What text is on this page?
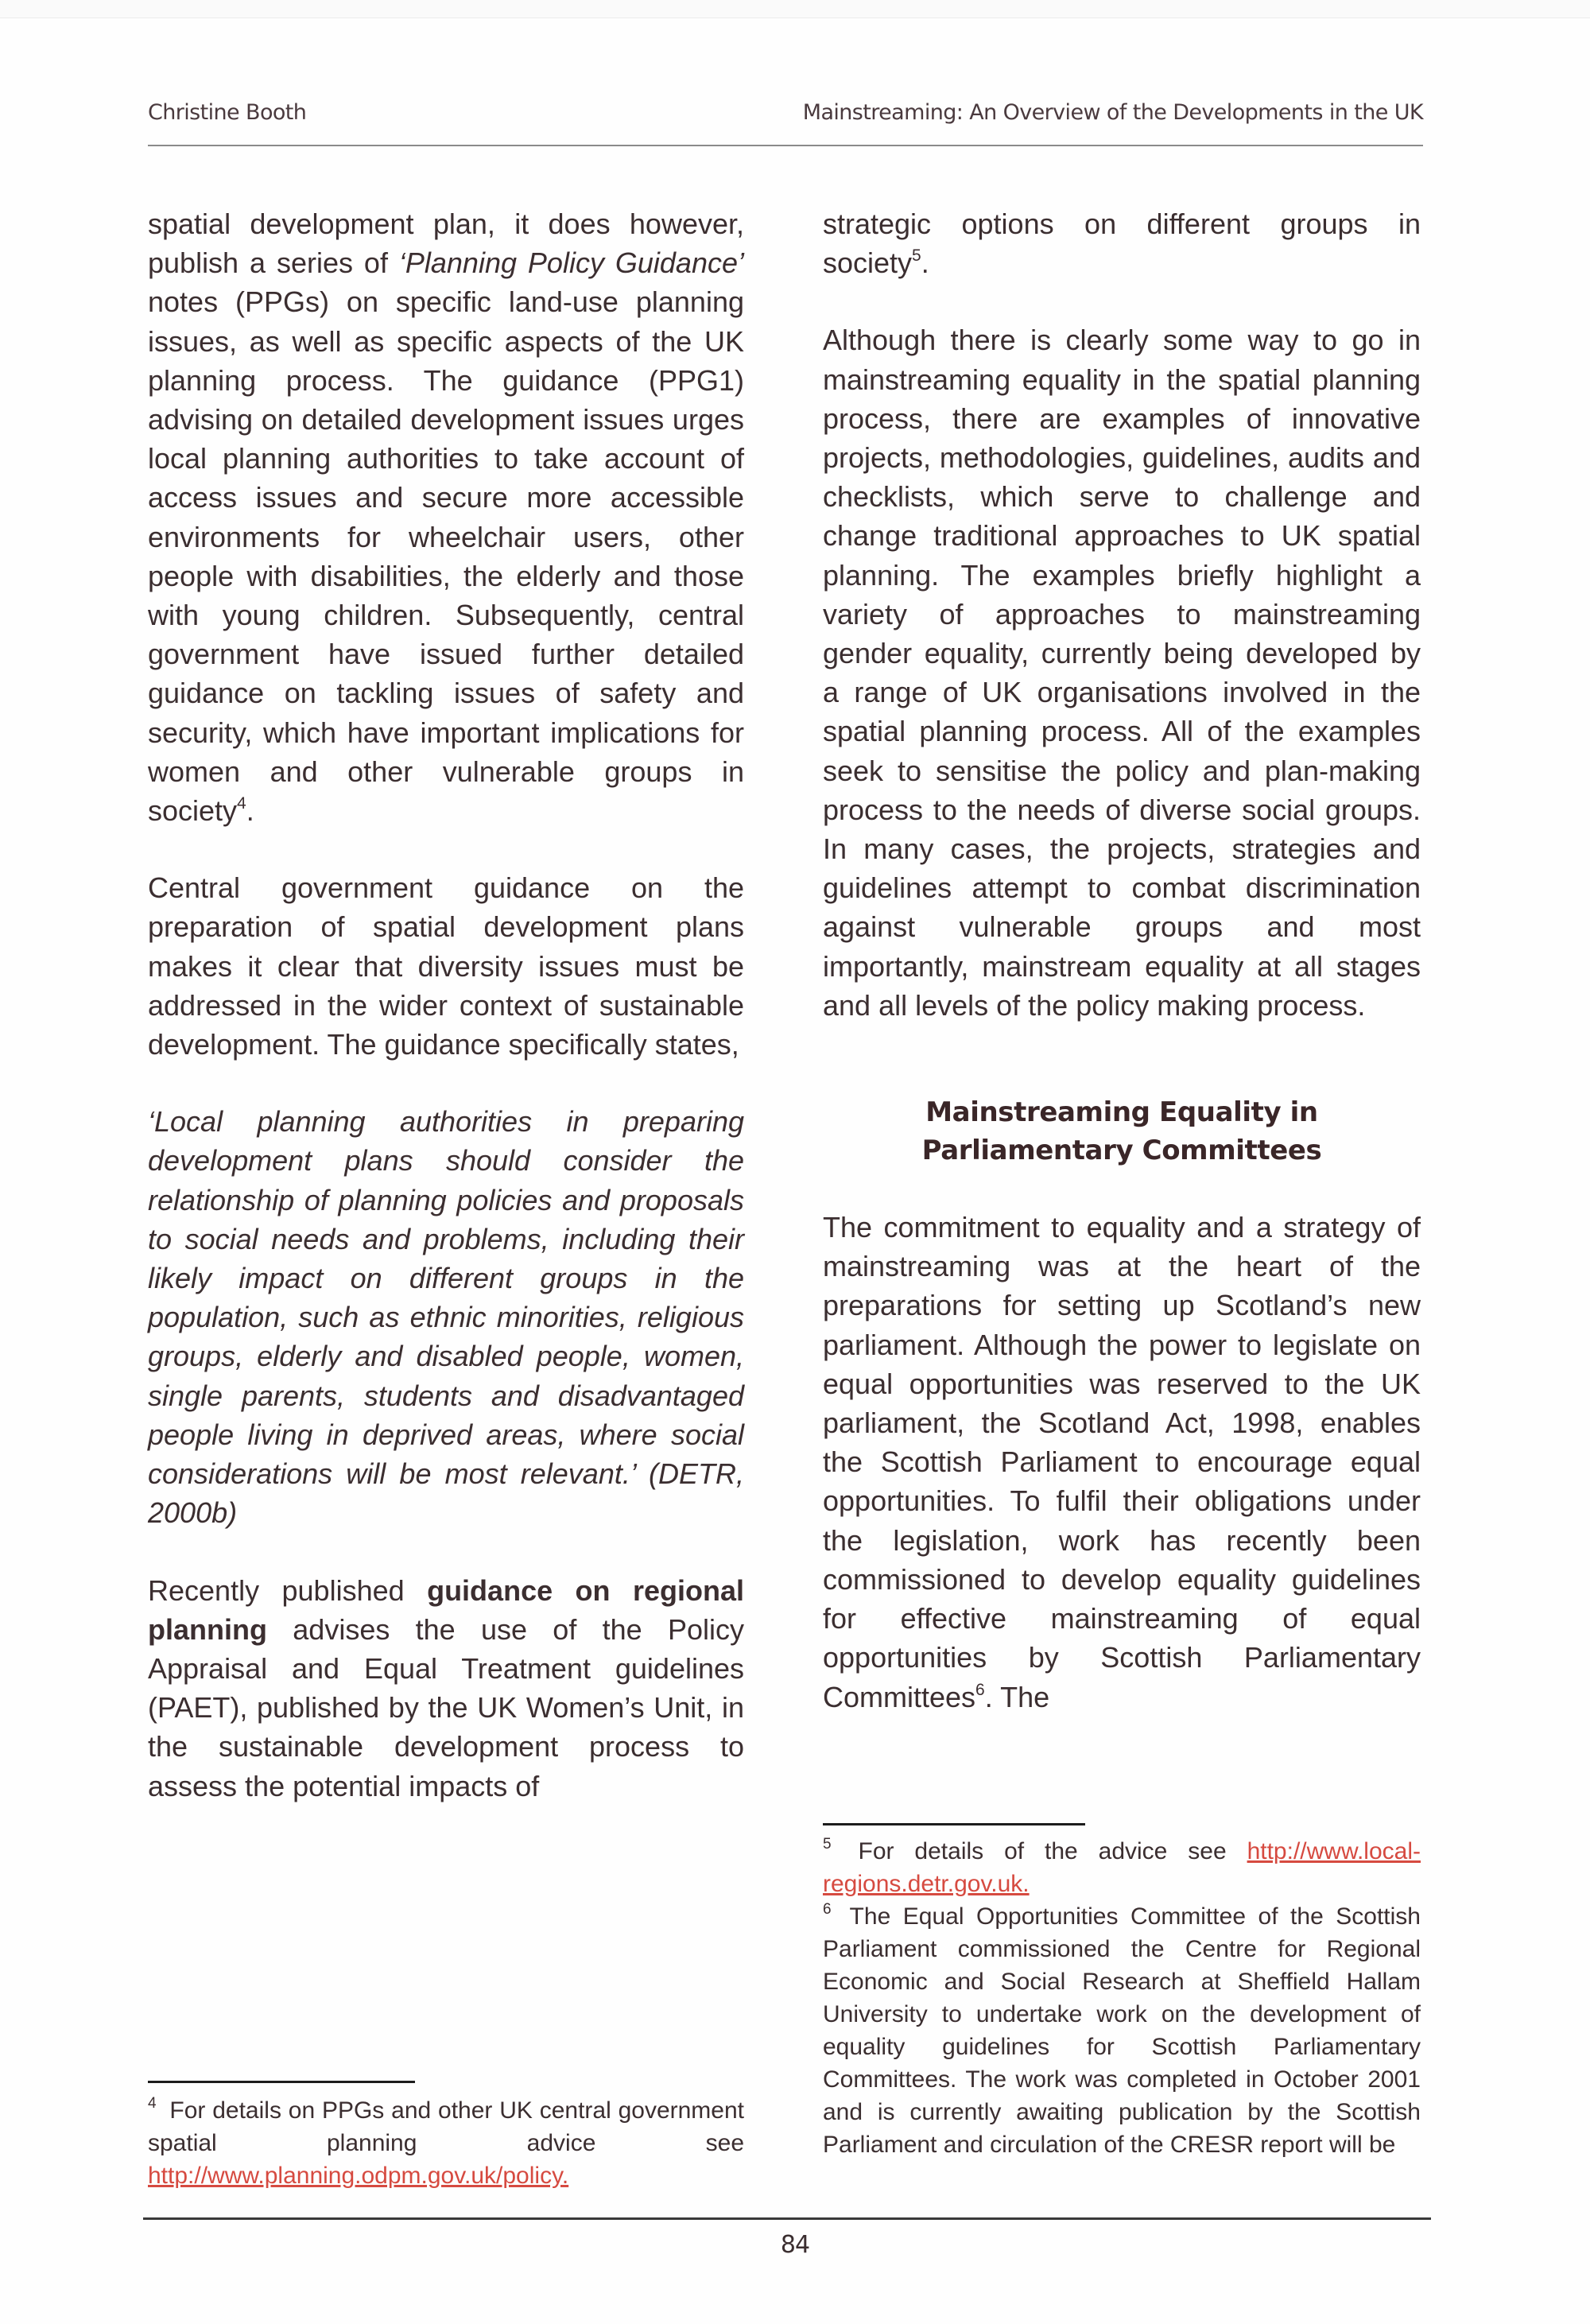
Christine Booth	Mainstreaming: An Overview of the Developments in the UK

spatial development plan, it does however, publish a series of ‘Planning Policy Guidance’ notes (PPGs) on specific land-use planning issues, as well as specific aspects of the UK planning process. The guidance (PPG1) advising on detailed development issues urges local planning authorities to take account of access issues and secure more accessible environments for wheelchair users, other people with disabilities, the elderly and those with young children. Subsequently, central government have issued further detailed guidance on tackling issues of safety and security, which have important implications for women and other vulnerable groups in society$^4$.

Central government guidance on the preparation of spatial development plans makes it clear that diversity issues must be addressed in the wider context of sustainable development. The guidance specifically states,

‘Local planning authorities in preparing development plans should consider the relationship of planning policies and proposals to social needs and problems, including their likely impact on different groups in the population, such as ethnic minorities, religious groups, elderly and disabled people, women, single parents, students and disadvantaged people living in deprived areas, where social considerations will be most relevant.’ (DETR, 2000b)

Recently published guidance on regional planning advises the use of the Policy Appraisal and Equal Treatment guidelines (PAET), published by the UK Women’s Unit, in the sustainable development process to assess the potential impacts of

strategic options on different groups in society$^5$.

Although there is clearly some way to go in mainstreaming equality in the spatial planning process, there are examples of innovative projects, methodologies, guidelines, audits and checklists, which serve to challenge and change traditional approaches to UK spatial planning. The examples briefly highlight a variety of approaches to mainstreaming gender equality, currently being developed by a range of UK organisations involved in the spatial planning process. All of the examples seek to sensitise the policy and plan-making process to the needs of diverse social groups. In many cases, the projects, strategies and guidelines attempt to combat discrimination against vulnerable groups and most importantly, mainstream equality at all stages and all levels of the policy making process.

Mainstreaming Equality in
Parliamentary Committees

The commitment to equality and a strategy of mainstreaming was at the heart of the preparations for setting up Scotland’s new parliament. Although the power to legislate on equal opportunities was reserved to the UK parliament, the Scotland Act, 1998, enables the Scottish Parliament to encourage equal opportunities. To fulfil their obligations under the legislation, work has recently been commissioned to develop equality guidelines for effective mainstreaming of equal opportunities by Scottish Parliamentary Committees$^6$. The

$^4$ For details on PPGs and other UK central government spatial planning advice see http://www.planning.odpm.gov.uk/policy.

$^5$ For details of the advice see http://www.local-regions.detr.gov.uk.

$^6$ The Equal Opportunities Committee of the Scottish Parliament commissioned the Centre for Regional Economic and Social Research at Sheffield Hallam University to undertake work on the development of equality guidelines for Scottish Parliamentary Committees. The work was completed in October 2001 and is currently awaiting publication by the Scottish Parliament and circulation of the CRESR report will be

84
